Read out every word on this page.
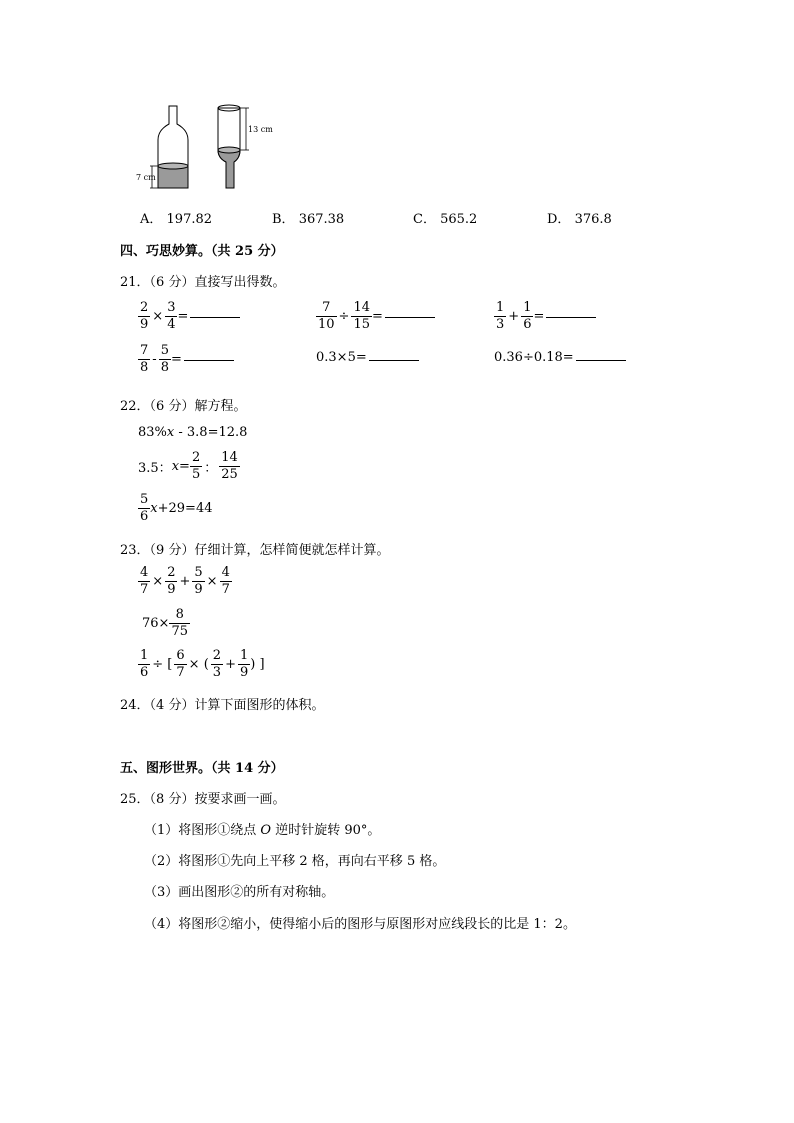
7 cm
13 cm
A． 197.82	B． 367.38	C． 565.2	D． 376.8
四、巧思妙算。（共 25 分）
21．（6 分）直接写出得数。
$\frac{2}{9} \times \frac{3}{4}$ =	$\frac{7}{10} \div \frac{14}{15}$ =	$\frac{1}{3} + \frac{1}{6}$ =
$\frac{7}{8} - \frac{5}{8}$ =	0.3×5=	0.36÷0.18=
22．（6 分）解方程。
83%x - 3.8=12.8
3.5： $x = \frac{2}{5}$ ： $\frac{14}{25}$
$\frac{5}{6}$ x +29=44
23．（9 分）仔细计算，怎样简便就怎样计算。
$\frac{4}{7} \times \frac{2}{9} + \frac{5}{9} \times \frac{4}{7}$
$76\times \frac{8}{75}$
$\frac{1}{6}$ ÷ [ $\frac{6}{7}$ × ( $\frac{2}{3} + \frac{1}{9}$ ) ]
24．（4 分）计算下面图形的体积。
五、图形世界。（共 14 分）
25．（8 分）按要求画一画。
（1）将图形①绕点 O 逆时针旋转 90°。
（2）将图形①先向上平移 2 格，再向右平移 5 格。
（3）画出图形②的所有对称轴。
（4）将图形②缩小，使得缩小后的图形与原图形对应线段长的比是 1：2。
